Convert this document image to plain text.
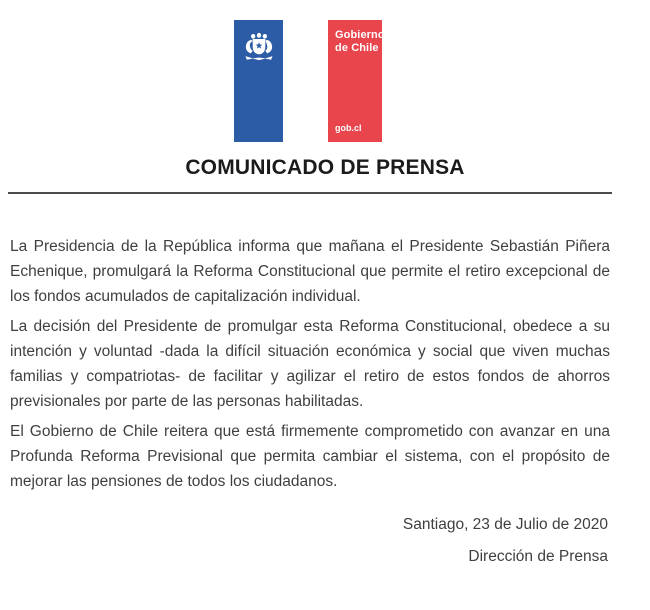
Gobierno
de Chile
gob.cl
COMUNICADO DE PRENSA

La Presidencia de la República informa que mañana el Presidente Sebastián Piñera Echenique, promulgará la Reforma Constitucional que permite el retiro excepcional de los fondos acumulados de capitalización individual.

La decisión del Presidente de promulgar esta Reforma Constitucional, obedece a su intención y voluntad -dada la difícil situación económica y social que viven muchas familias y compatriotas- de facilitar y agilizar el retiro de estos fondos de ahorros previsionales por parte de las personas habilitadas.

El Gobierno de Chile reitera que está firmemente comprometido con avanzar en una Profunda Reforma Previsional que permita cambiar el sistema, con el propósito de mejorar las pensiones de todos los ciudadanos.

Santiago, 23 de Julio de 2020
Dirección de Prensa
